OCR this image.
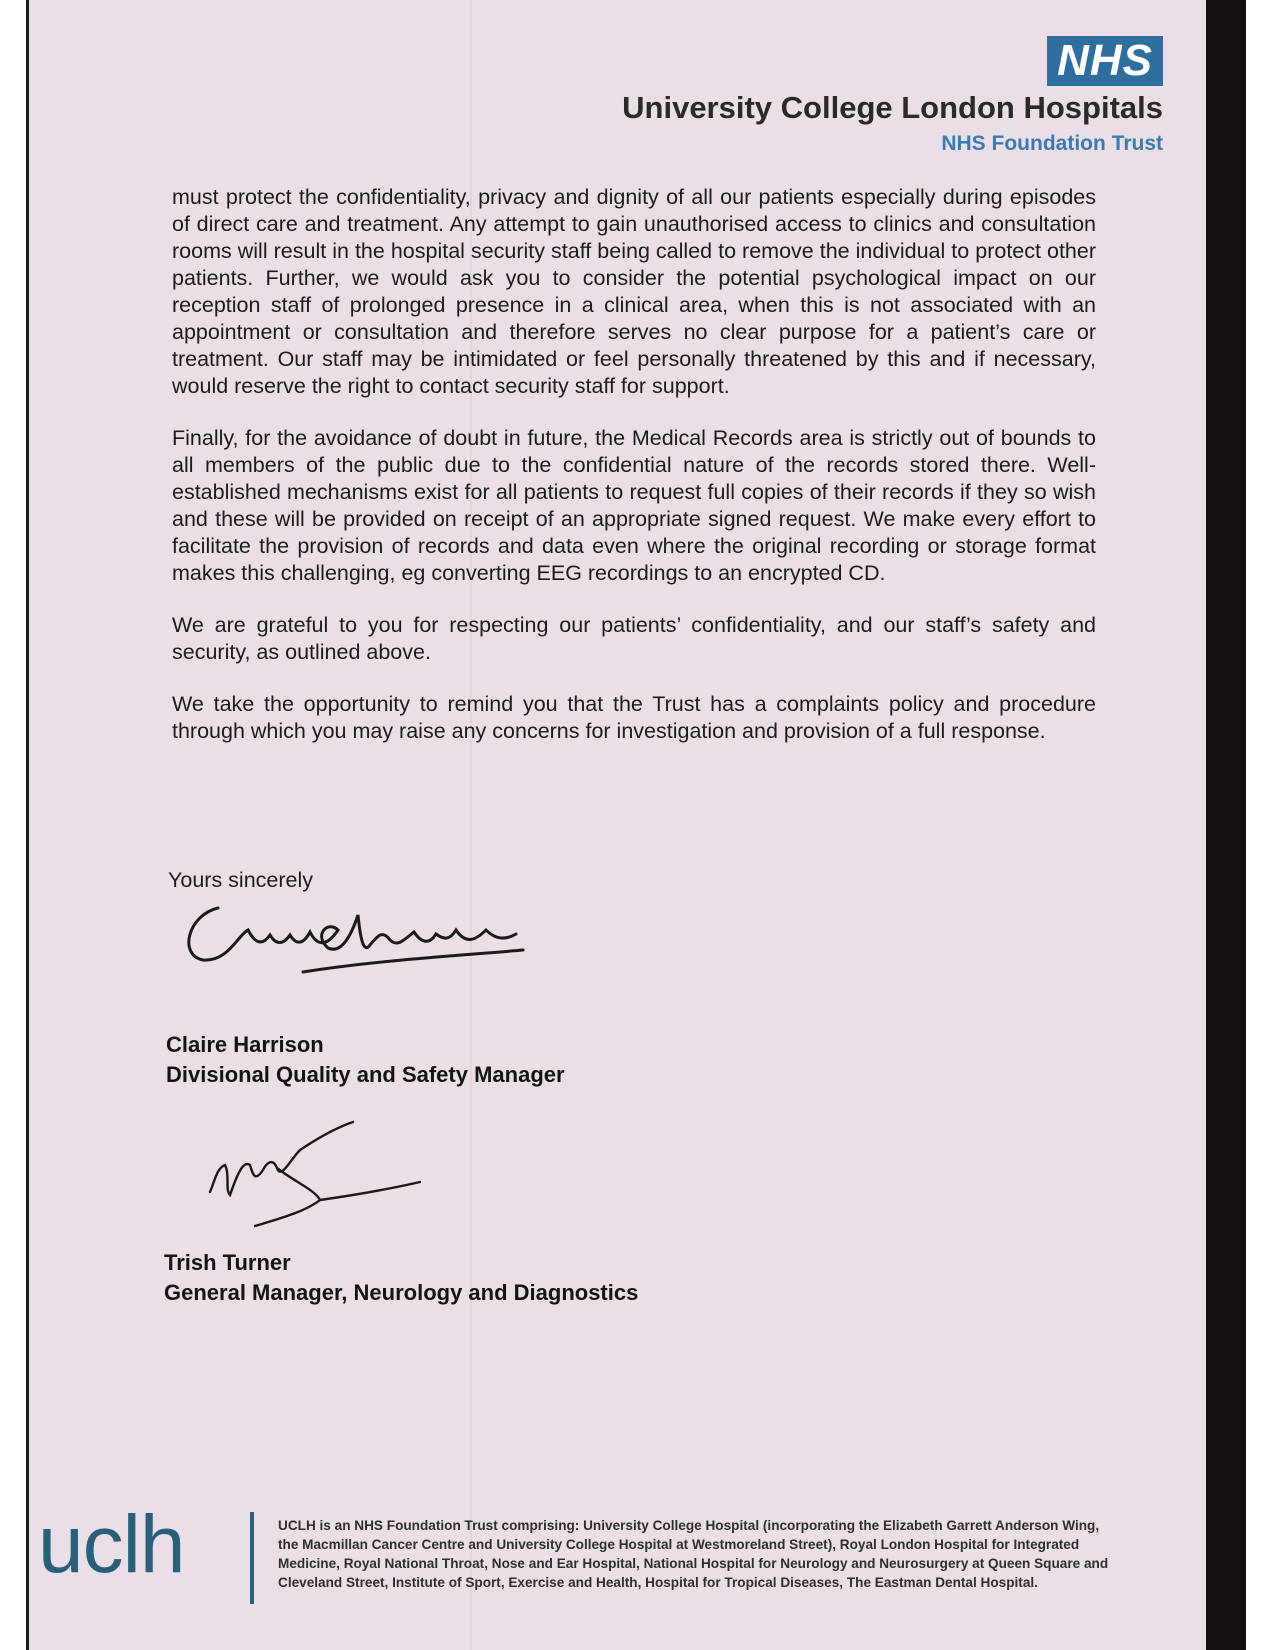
NHS
University College London Hospitals
NHS Foundation Trust

must protect the confidentiality, privacy and dignity of all our patients especially during episodes of direct care and treatment. Any attempt to gain unauthorised access to clinics and consultation rooms will result in the hospital security staff being called to remove the individual to protect other patients. Further, we would ask you to consider the potential psychological impact on our reception staff of prolonged presence in a clinical area, when this is not associated with an appointment or consultation and therefore serves no clear purpose for a patient’s care or treatment. Our staff may be intimidated or feel personally threatened by this and if necessary, would reserve the right to contact security staff for support.

Finally, for the avoidance of doubt in future, the Medical Records area is strictly out of bounds to all members of the public due to the confidential nature of the records stored there. Well-established mechanisms exist for all patients to request full copies of their records if they so wish and these will be provided on receipt of an appropriate signed request. We make every effort to facilitate the provision of records and data even where the original recording or storage format makes this challenging, eg converting EEG recordings to an encrypted CD.

We are grateful to you for respecting our patients’ confidentiality, and our staff’s safety and security, as outlined above.

We take the opportunity to remind you that the Trust has a complaints policy and procedure through which you may raise any concerns for investigation and provision of a full response.

Yours sincerely
Claire Harrison
Divisional Quality and Safety Manager
Trish Turner
General Manager, Neurology and Diagnostics
uclh	UCLH is an NHS Foundation Trust comprising: University College Hospital (incorporating the Elizabeth Garrett Anderson Wing, the Macmillan Cancer Centre and University College Hospital at Westmoreland Street), Royal London Hospital for Integrated Medicine, Royal National Throat, Nose and Ear Hospital, National Hospital for Neurology and Neurosurgery at Queen Square and Cleveland Street, Institute of Sport, Exercise and Health, Hospital for Tropical Diseases, The Eastman Dental Hospital.
